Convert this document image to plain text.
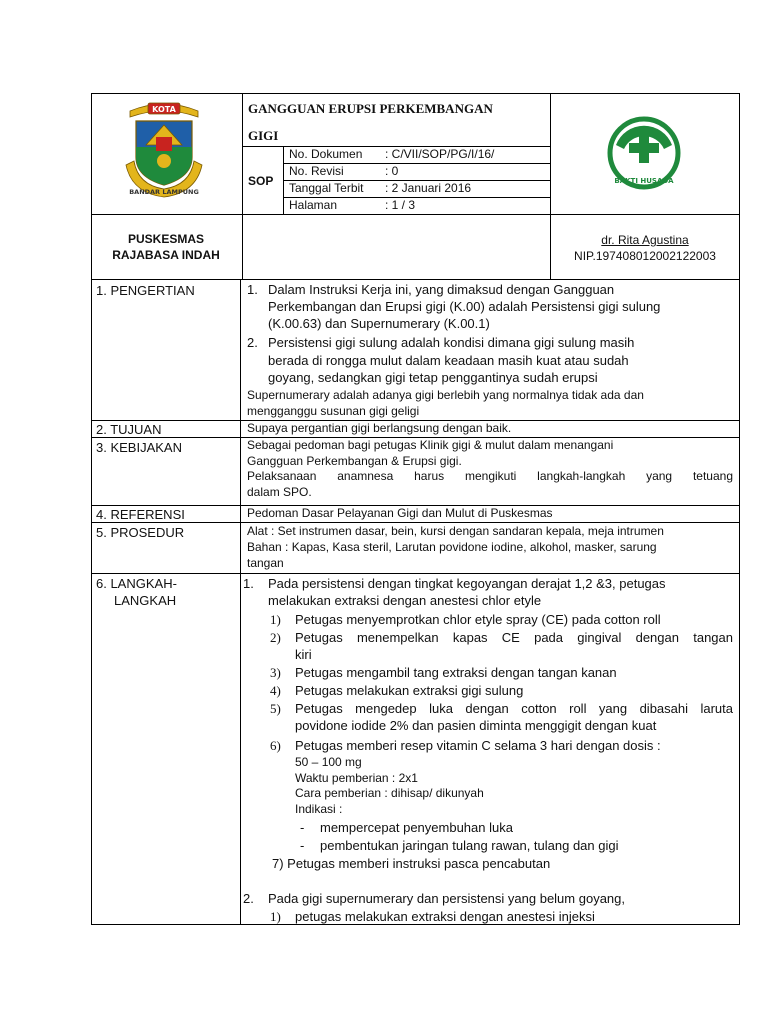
KOTA
BANDAR LAMPUNG
GANGGUAN ERUPSI PERKEMBANGAN
GIGI
SOP
No. Dokumen : C/VII/SOP/PG/I/16/
No. Revisi	: 0
Tanggal Terbit : 2 Januari 2016
Halaman	: 1 / 3
BAKTI HUSADA
PUSKESMAS
RAJABASA INDAH
dr. Rita Agustina
NIP.197408012002122003
1. PENGERTIAN
2. TUJUAN
3. KEBIJAKAN
4. REFERENSI
5. PROSEDUR
6. LANGKAH-
LANGKAH
1. Dalam Instruksi Kerja ini, yang dimaksud dengan Gangguan
Perkembangan dan Erupsi gigi (K.00) adalah Persistensi gigi sulung
(K.00.63) dan Supernumerary (K.00.1)
2. Persistensi gigi sulung adalah kondisi dimana gigi sulung masih
berada di rongga mulut dalam keadaan masih kuat atau sudah
goyang, sedangkan gigi tetap penggantinya sudah erupsi
Supernumerary adalah adanya gigi berlebih yang normalnya tidak ada dan
mengganggu susunan gigi geligi
Supaya pergantian gigi berlangsung dengan baik.
Sebagai pedoman bagi petugas Klinik gigi & mulut dalam menangani
Gangguan Perkembangan & Erupsi gigi.
Pelaksanaan anamnesa harus mengikuti langkah-langkah yang tetuang
dalam SPO.
Pedoman Dasar Pelayanan Gigi dan Mulut di Puskesmas
Alat : Set instrumen dasar, bein, kursi dengan sandaran kepala, meja intrumen
Bahan : Kapas, Kasa steril, Larutan povidone iodine, alkohol, masker, sarung
tangan
1. Pada persistensi dengan tingkat kegoyangan derajat 1,2 &3, petugas
melakukan extraksi dengan anestesi chlor etyle
1) Petugas menyemprotkan chlor etyle spray (CE) pada cotton roll
2) Petugas menempelkan kapas CE pada gingival dengan tangan
kiri
3) Petugas mengambil tang extraksi dengan tangan kanan
4) Petugas melakukan extraksi gigi sulung
5) Petugas mengedep luka dengan cotton roll yang dibasahi laruta
povidone iodide 2% dan pasien diminta menggigit dengan kuat
6) Petugas memberi resep vitamin C selama 3 hari dengan dosis :
50 – 100 mg
Waktu pemberian : 2x1
Cara pemberian : dihisap/ dikunyah
Indikasi :
- mempercepat penyembuhan luka
- pembentukan jaringan tulang rawan, tulang dan gigi
7) Petugas memberi instruksi pasca pencabutan
2. Pada gigi supernumerary dan persistensi yang belum goyang,
1) petugas melakukan extraksi dengan anestesi injeksi
